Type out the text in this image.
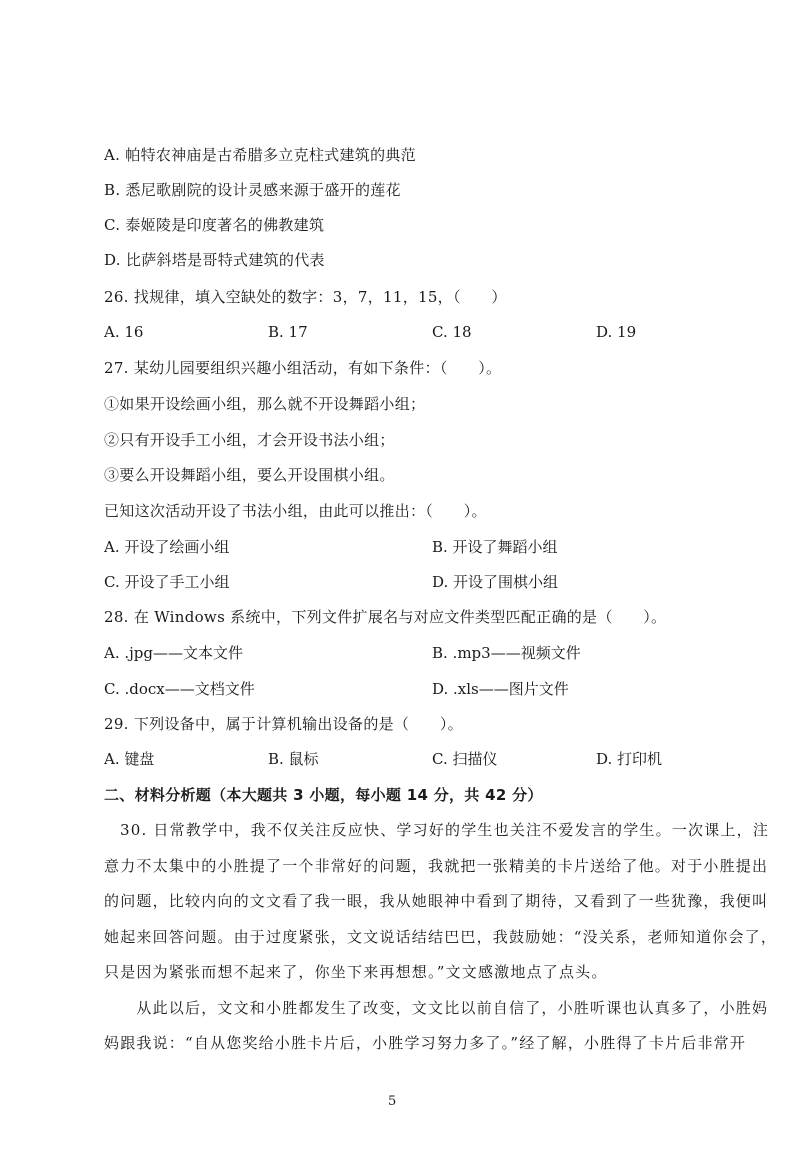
A. 帕特农神庙是古希腊多立克柱式建筑的典范
B. 悉尼歌剧院的设计灵感来源于盛开的莲花
C. 泰姬陵是印度著名的佛教建筑
D. 比萨斜塔是哥特式建筑的代表
26. 找规律，填入空缺处的数字：3，7，11，15，（　　）
A. 16	B. 17	C. 18	D. 19
27. 某幼儿园要组织兴趣小组活动，有如下条件：（　　）。
①如果开设绘画小组，那么就不开设舞蹈小组；
②只有开设手工小组，才会开设书法小组；
③要么开设舞蹈小组，要么开设围棋小组。
已知这次活动开设了书法小组，由此可以推出：（　　）。
A. 开设了绘画小组	B. 开设了舞蹈小组
C. 开设了手工小组	D. 开设了围棋小组
28. 在 Windows 系统中，下列文件扩展名与对应文件类型匹配正确的是（　　）。
A. .jpg——文本文件	B. .mp3——视频文件
C. .docx——文档文件	D. .xls——图片文件
29. 下列设备中，属于计算机输出设备的是（　　）。
A. 键盘	B. 鼠标	C. 扫描仪	D. 打印机
二、材料分析题（本大题共 3 小题，每小题 14 分，共 42 分）
30. 日常教学中，我不仅关注反应快、学习好的学生也关注不爱发言的学生。一次课上，注
意力不太集中的小胜提了一个非常好的问题，我就把一张精美的卡片送给了他。对于小胜提出
的问题，比较内向的文文看了我一眼，我从她眼神中看到了期待，又看到了一些犹豫，我便叫
她起来回答问题。由于过度紧张，文文说话结结巴巴，我鼓励她：“没关系，老师知道你会了，
只是因为紧张而想不起来了，你坐下来再想想。”文文感激地点了点头。
　　从此以后，文文和小胜都发生了改变，文文比以前自信了，小胜听课也认真多了，小胜妈
妈跟我说：“自从您奖给小胜卡片后，小胜学习努力多了。”经了解，小胜得了卡片后非常开
5
